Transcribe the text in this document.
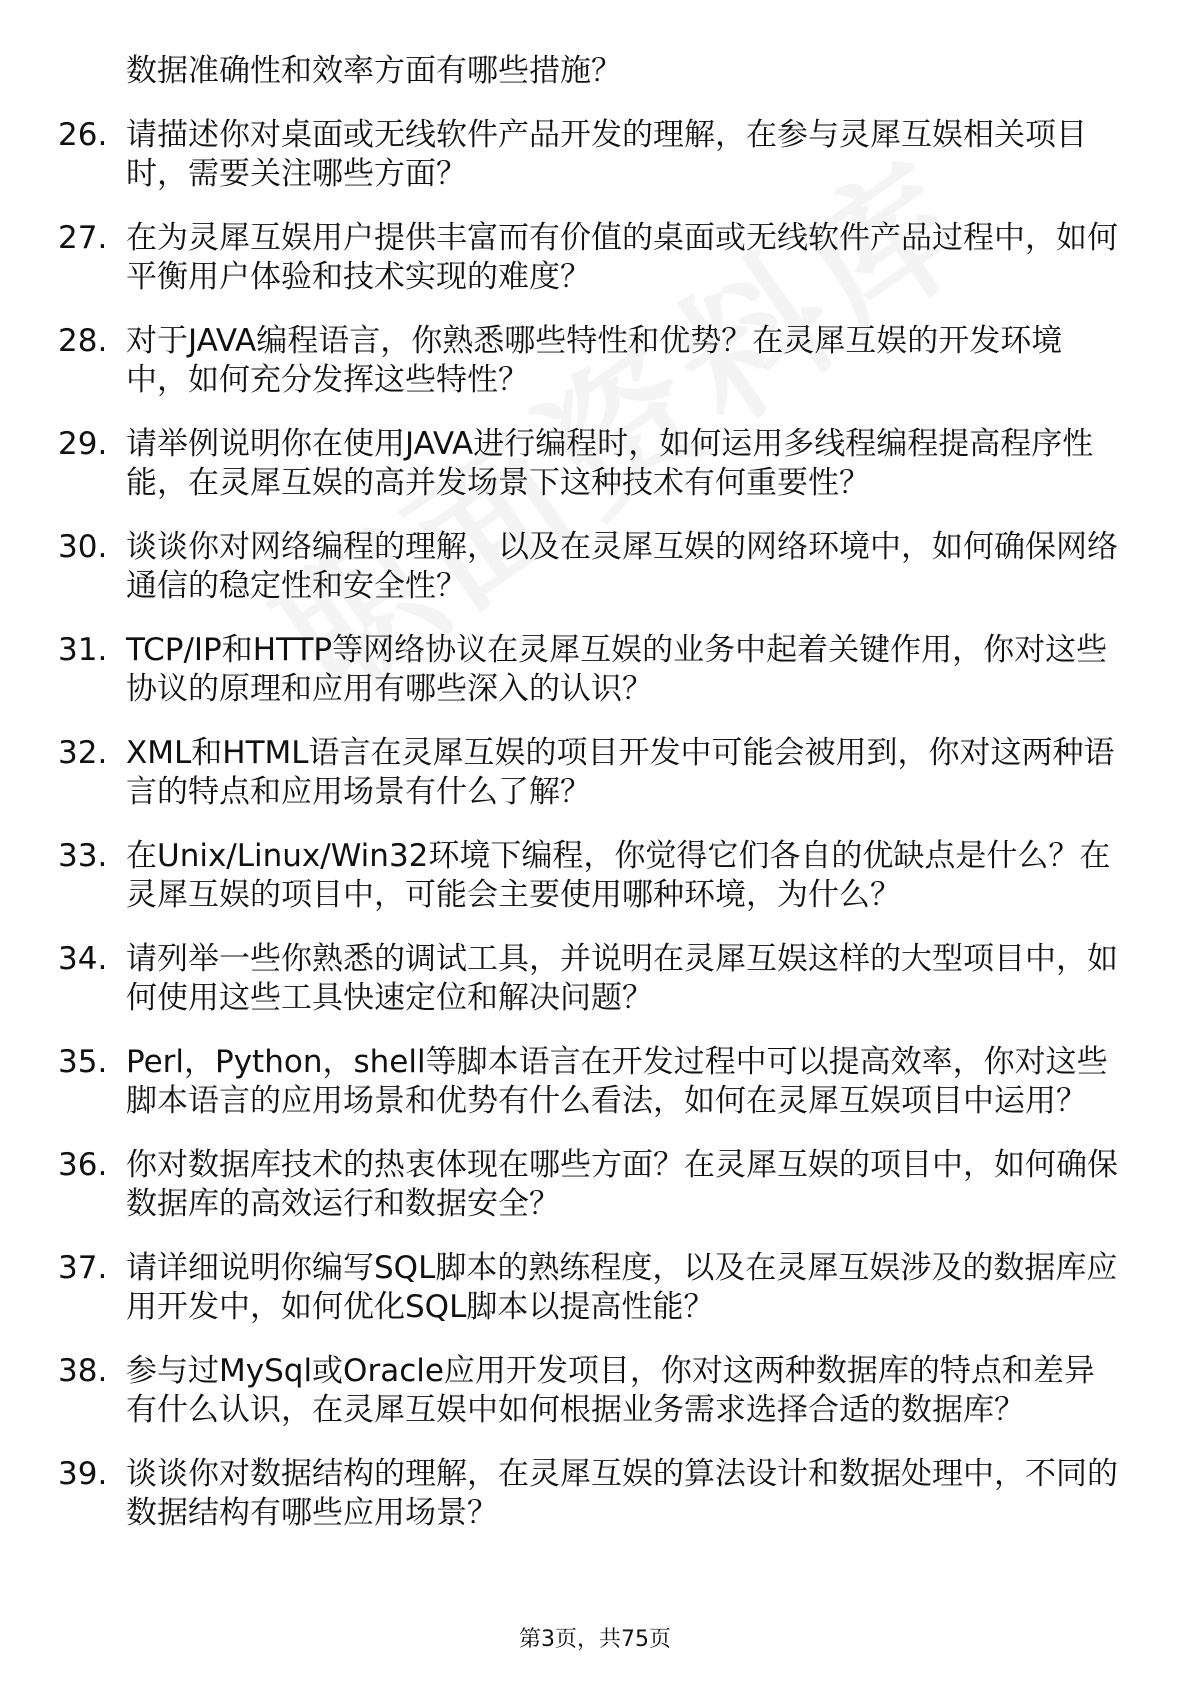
数据准确性和效率方面有哪些措施？
26. 请描述你对桌面或无线软件产品开发的理解，在参与灵犀互娱相关项目时，需要关注哪些方面？
27. 在为灵犀互娱用户提供丰富而有价值的桌面或无线软件产品过程中，如何平衡用户体验和技术实现的难度？
28. 对于JAVA编程语言，你熟悉哪些特性和优势？在灵犀互娱的开发环境中，如何充分发挥这些特性？
29. 请举例说明你在使用JAVA进行编程时，如何运用多线程编程提高程序性能，在灵犀互娱的高并发场景下这种技术有何重要性？
30. 谈谈你对网络编程的理解，以及在灵犀互娱的网络环境中，如何确保网络通信的稳定性和安全性？
31. TCP/IP和HTTP等网络协议在灵犀互娱的业务中起着关键作用，你对这些协议的原理和应用有哪些深入的认识？
32. XML和HTML语言在灵犀互娱的项目开发中可能会被用到，你对这两种语言的特点和应用场景有什么了解？
33. 在Unix/Linux/Win32环境下编程，你觉得它们各自的优缺点是什么？在灵犀互娱的项目中，可能会主要使用哪种环境，为什么？
34. 请列举一些你熟悉的调试工具，并说明在灵犀互娱这样的大型项目中，如何使用这些工具快速定位和解决问题？
35. Perl，Python，shell等脚本语言在开发过程中可以提高效率，你对这些脚本语言的应用场景和优势有什么看法，如何在灵犀互娱项目中运用？
36. 你对数据库技术的热衷体现在哪些方面？在灵犀互娱的项目中，如何确保数据库的高效运行和数据安全？
37. 请详细说明你编写SQL脚本的熟练程度，以及在灵犀互娱涉及的数据库应用开发中，如何优化SQL脚本以提高性能？
38. 参与过MySql或Oracle应用开发项目，你对这两种数据库的特点和差异有什么认识，在灵犀互娱中如何根据业务需求选择合适的数据库？
39. 谈谈你对数据结构的理解，在灵犀互娱的算法设计和数据处理中，不同的数据结构有哪些应用场景？
第3页，共75页
